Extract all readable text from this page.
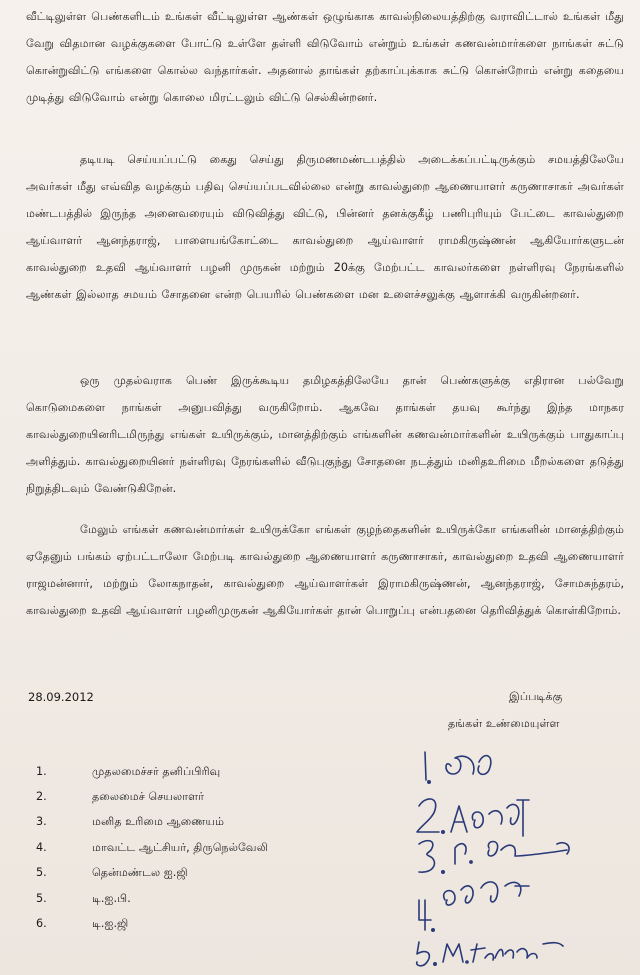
வீட்டிலுள்ள பெண்களிடம் உங்கள் வீட்டிலுள்ள ஆண்கள் ஒழுங்காக காவல்நிலையத்திற்கு வராவிட்டால் உங்கள் மீது வேறு விதமான வழக்குகளை போட்டு உள்ளே தள்ளி விடுவோம் என்றும் உங்கள் கணவன்மார்களை நாங்கள் சுட்டு கொன்றுவிட்டு எங்களை கொல்ல வந்தார்கள். அதனால் தாங்கள் தற்காப்புக்காக சுட்டு கொன்றோம் என்று கதையை முடித்து விடுவோம் என்று கொலை மிரட்டலும் விட்டு செல்கின்றனர்.

தடியடி செய்யப்பட்டு கைது செய்து திருமணமண்டபத்தில் அடைக்கப்பட்டிருக்கும் சமயத்திலேயே அவர்கள் மீது எவ்வித வழக்கும் பதிவு செய்யப்படவில்லை என்று காவல்துறை ஆணையாளர் கருணாசாகர் அவர்கள் மண்டபத்தில் இருந்த அனைவரையும் விடுவித்து விட்டு, பின்னர் தனக்குகீழ் பணிபுரியும் பேட்டை காவல்துறை ஆய்வாளர் ஆனந்தராஜ், பாளையங்கோட்டை காவல்துறை ஆய்வாளர் ராமகிருஷ்ணன் ஆகியோர்களுடன் காவல்துறை உதவி ஆய்வாளர் பழனி முருகன் மற்றும் 20க்கு மேற்பட்ட காவலர்களை நள்ளிரவு நேரங்களில் ஆண்கள் இல்லாத சமயம் சோதனை என்ற பெயரில் பெண்களை மன உளைச்சலுக்கு ஆளாக்கி வருகின்றனர்.

ஒரு முதல்வராக பெண் இருக்கூடிய தமிழகத்திலேயே தான் பெண்களுக்கு எதிரான பல்வேறு கொடுமைகளை நாங்கள் அனுபவித்து வருகிறோம். ஆகவே தாங்கள் தயவு கூர்ந்து இந்த மாநகர காவல்துறையினரிடமிருந்து எங்கள் உயிருக்கும், மானத்திற்கும் எங்களின் கணவன்மார்களின் உயிருக்கும் பாதுகாப்பு அளித்தும். காவல்துறையினர் நள்ளிரவு நேரங்களில் வீடுபுகுந்து சோதனை நடத்தும் மனிதஉரிமை மீறல்களை தடுத்து நிறுத்திடவும் வேண்டுகிறேன்.

மேலும் எங்கள் கணவன்மார்கள் உயிருக்கோ எங்கள் குழந்தைகளின் உயிருக்கோ எங்களின் மானத்திற்கும் ஏதேனும் பங்கம் ஏற்பட்டாலோ மேற்படி காவல்துறை ஆணையாளர் கருணாசாகர், காவல்துறை உதவி ஆணையாளர் ராஜமன்னார், மற்றும் லோகநாதன், காவல்துறை ஆய்வாளர்கள் இராமகிருஷ்ணன், ஆனந்தராஜ், சோமசுந்தரம், காவல்துறை உதவி ஆய்வாளர் பழனிமுருகன் ஆகியோர்கள் தான் பொறுப்பு என்பதனை தெரிவித்துக் கொள்கிறோம்.

28.09.2012	இப்படிக்கு
தங்கள் உண்மையுள்ள
1.	முதலமைச்சர் தனிப்பிரிவு
2.	தலைமைச் செயலாளர்
3.	மனித உரிமை ஆணையம்
4.	மாவட்ட ஆட்சியர், திருநெல்வேலி
5.	தென்மண்டல ஐ.ஜி
5.	டி.ஐ.பி.
6.	டி.ஐ.ஜி
